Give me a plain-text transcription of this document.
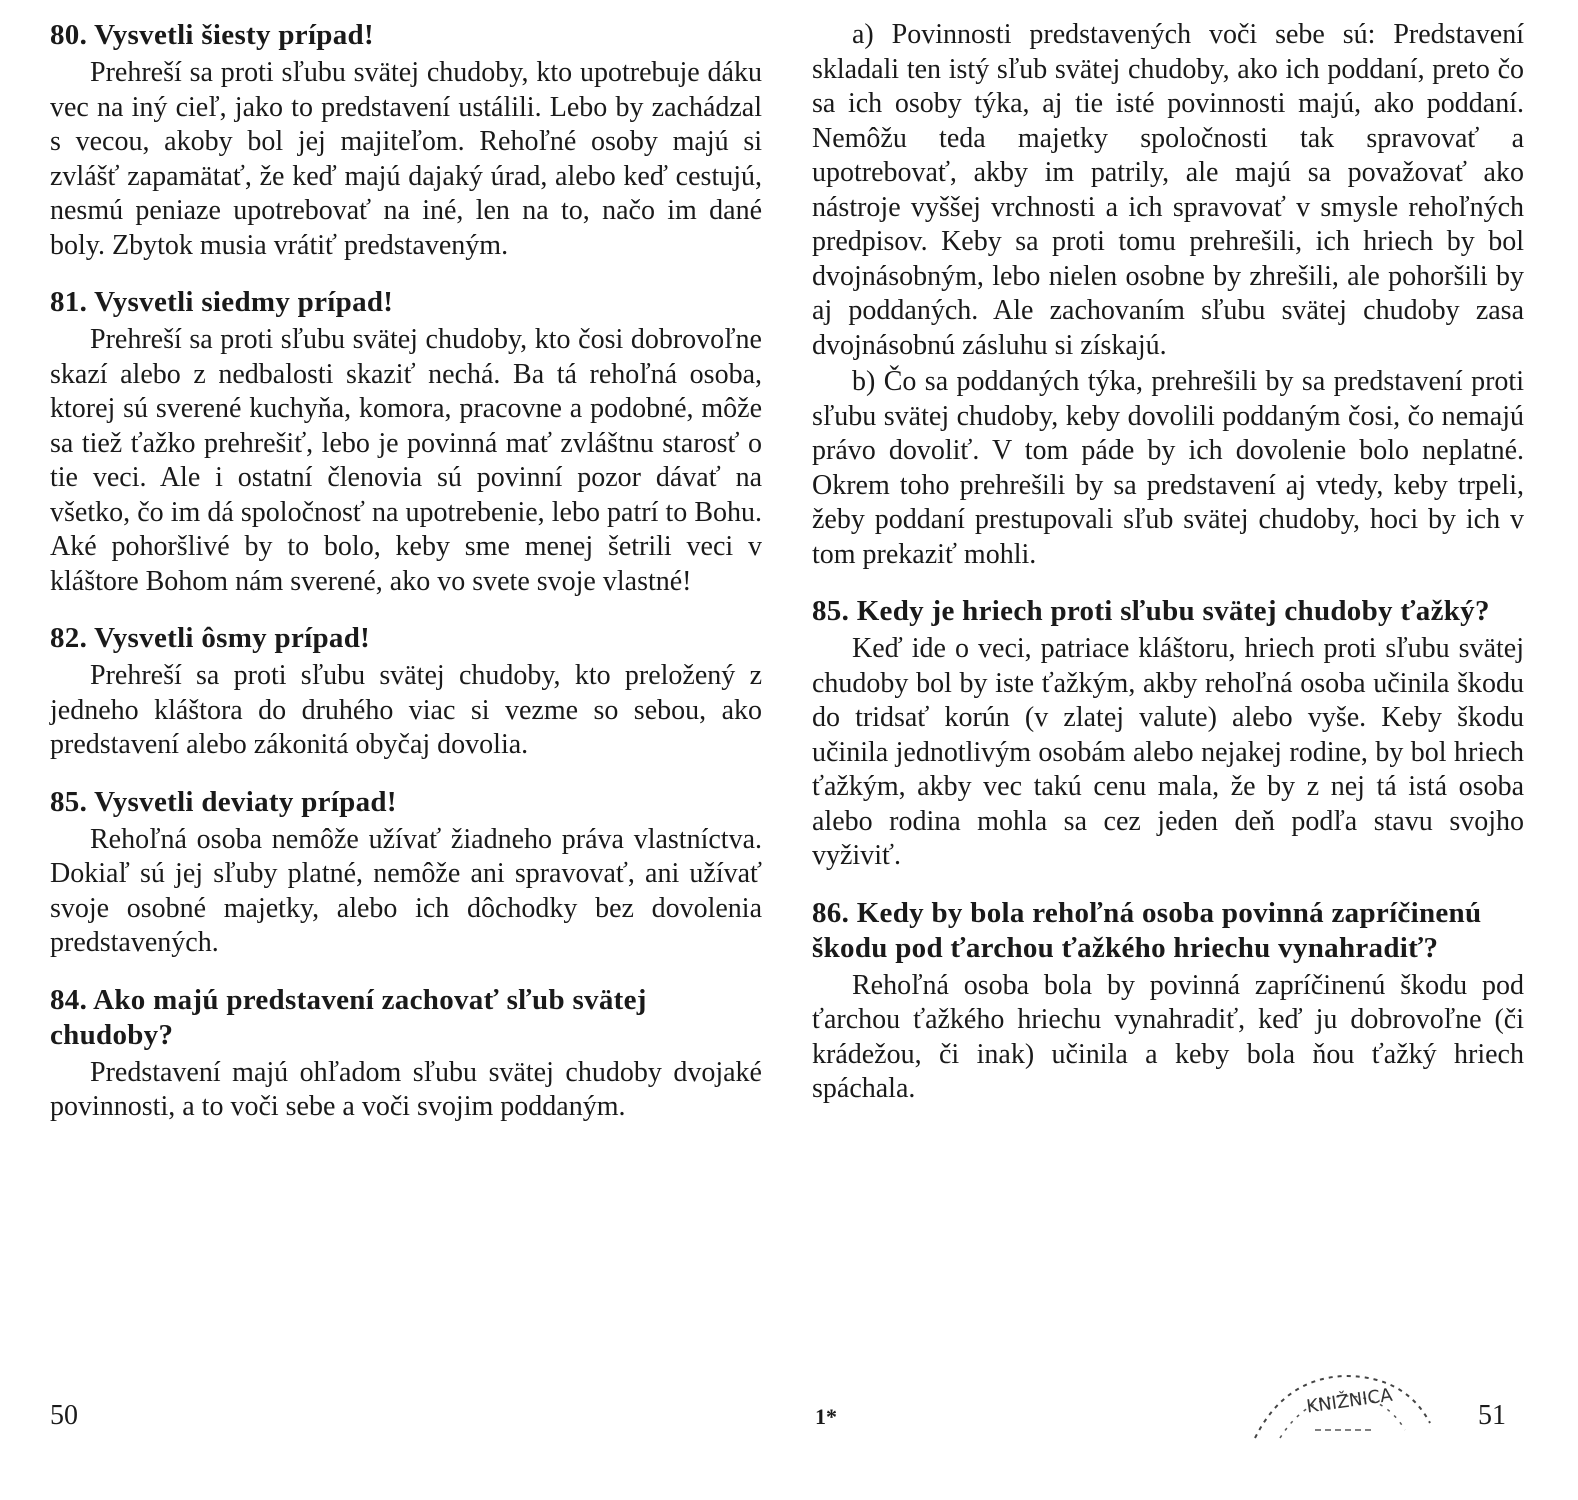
80. Vysvetli šiesty prípad!

Prehreší sa proti sľubu svätej chudoby, kto upotrebuje dáku vec na iný cieľ, jako to predstavení ustálili. Lebo by zachádzal s vecou, akoby bol jej majiteľom. Rehoľné osoby majú si zvlášť zapamätať, že keď majú dajaký úrad, alebo keď cestujú, nesmú peniaze upotrebovať na iné, len na to, načo im dané boly. Zbytok musia vrátiť predstaveným.

81. Vysvetli siedmy prípad!

Prehreší sa proti sľubu svätej chudoby, kto čosi dobrovoľne skazí alebo z nedbalosti skaziť nechá. Ba tá rehoľná osoba, ktorej sú sverené kuchyňa, komora, pracovne a podobné, môže sa tiež ťažko prehrešiť, lebo je povinná mať zvláštnu starosť o tie veci. Ale i ostatní členovia sú povinní pozor dávať na všetko, čo im dá spoločnosť na upotrebenie, lebo patrí to Bohu. Aké pohoršlivé by to bolo, keby sme menej šetrili veci v kláštore Bohom nám sverené, ako vo svete svoje vlastné!

82. Vysvetli ôsmy prípad!

Prehreší sa proti sľubu svätej chudoby, kto preložený z jedneho kláštora do druhého viac si vezme so sebou, ako predstavení alebo zákonitá obyčaj dovolia.

85. Vysvetli deviaty prípad!

Rehoľná osoba nemôže užívať žiadneho práva vlastníctva. Dokiaľ sú jej sľuby platné, nemôže ani spravovať, ani užívať svoje osobné majetky, alebo ich dôchodky bez dovolenia predstavených.

84. Ako majú predstavení zachovať sľub svätej chudoby?

Predstavení majú ohľadom sľubu svätej chudoby dvojaké povinnosti, a to voči sebe a voči svojim poddaným.

a) Povinnosti predstavených voči sebe sú: Predstavení skladali ten istý sľub svätej chudoby, ako ich poddaní, preto čo sa ich osoby týka, aj tie isté povinnosti majú, ako poddaní. Nemôžu teda majetky spoločnosti tak spravovať a upotrebovať, akby im patrily, ale majú sa považovať ako nástroje vyššej vrchnosti a ich spravovať v smysle rehoľných predpisov. Keby sa proti tomu prehrešili, ich hriech by bol dvojnásobným, lebo nielen osobne by zhrešili, ale pohoršili by aj poddaných. Ale zachovaním sľubu svätej chudoby zasa dvojnásobnú zásluhu si získajú.

b) Čo sa poddaných týka, prehrešili by sa predstavení proti sľubu svätej chudoby, keby dovolili poddaným čosi, čo nemajú právo dovoliť. V tom páde by ich dovolenie bolo neplatné. Okrem toho prehrešili by sa predstavení aj vtedy, keby trpeli, žeby poddaní prestupovali sľub svätej chudoby, hoci by ich v tom prekaziť mohli.

85. Kedy je hriech proti sľubu svätej chudoby ťažký?

Keď ide o veci, patriace kláštoru, hriech proti sľubu svätej chudoby bol by iste ťažkým, akby rehoľná osoba učinila škodu do tridsať korún (v zlatej valute) alebo vyše. Keby škodu učinila jednotlivým osobám alebo nejakej rodine, by bol hriech ťažkým, akby vec takú cenu mala, že by z nej tá istá osoba alebo rodina mohla sa cez jeden deň podľa stavu svojho vyživiť.

86. Kedy by bola rehoľná osoba povinná zapríčinenú škodu pod ťarchou ťažkého hriechu vynahradiť?

Rehoľná osoba bola by povinná zapríčinenú škodu pod ťarchou ťažkého hriechu vynahradiť, keď ju dobrovoľne (či krádežou, či inak) učinila a keby bola ňou ťažký hriech spáchala.

50	1*	KNIŽNICA	51
